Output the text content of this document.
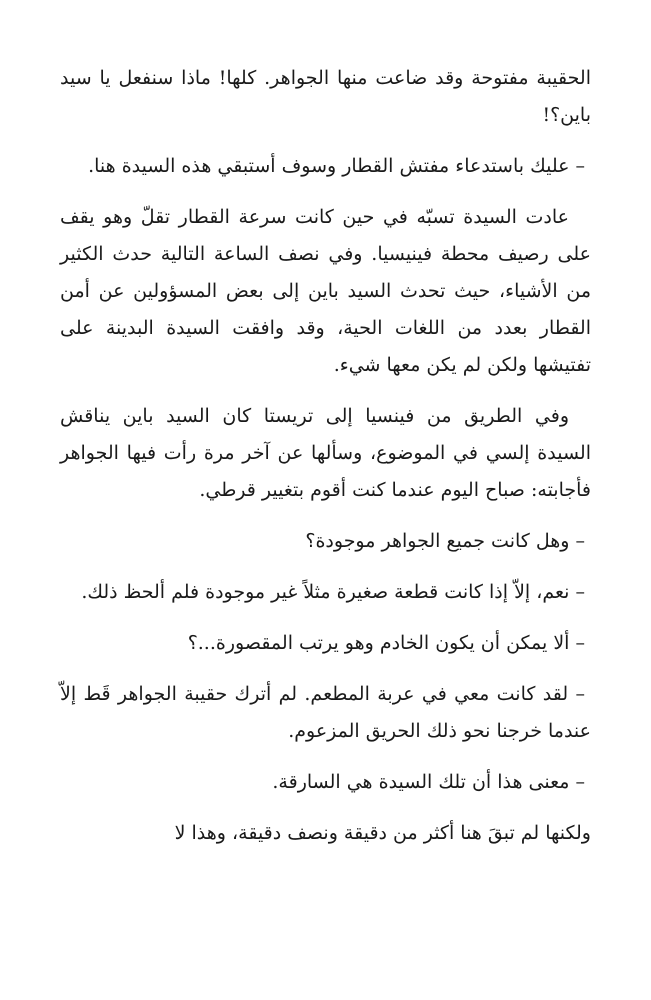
الحقيبة مفتوحة وقد ضاعت منها الجواهر. كلها! ماذا سنفعل يا سيد باين؟!

– عليك باستدعاء مفتش القطار وسوف أستبقي هذه السيدة هنا.

عادت السيدة تسبّه في حين كانت سرعة القطار تقلّ وهو يقف على رصيف محطة فينيسيا. وفي نصف الساعة التالية حدث الكثير من الأشياء، حيث تحدث السيد باين إلى بعض المسؤولين عن أمن القطار بعدد من اللغات الحية، وقد وافقت السيدة البدينة على تفتيشها ولكن لم يكن معها شيء.

وفي الطريق من فينسيا إلى تريستا كان السيد باين يناقش السيدة إلسي في الموضوع، وسألها عن آخر مرة رأت فيها الجواهر فأجابته: صباح اليوم عندما كنت أقوم بتغيير قرطي.

– وهل كانت جميع الجواهر موجودة؟

– نعم، إلاّ إذا كانت قطعة صغيرة مثلاً غير موجودة فلم ألحظ ذلك.

– ألا يمكن أن يكون الخادم وهو يرتب المقصورة...؟

– لقد كانت معي في عربة المطعم. لم أترك حقيبة الجواهر قَط إلاّ عندما خرجنا نحو ذلك الحريق المزعوم.

– معنى هذا أن تلك السيدة هي السارقة.

ولكنها لم تبقَ هنا أكثر من دقيقة ونصف دقيقة، وهذا لا
